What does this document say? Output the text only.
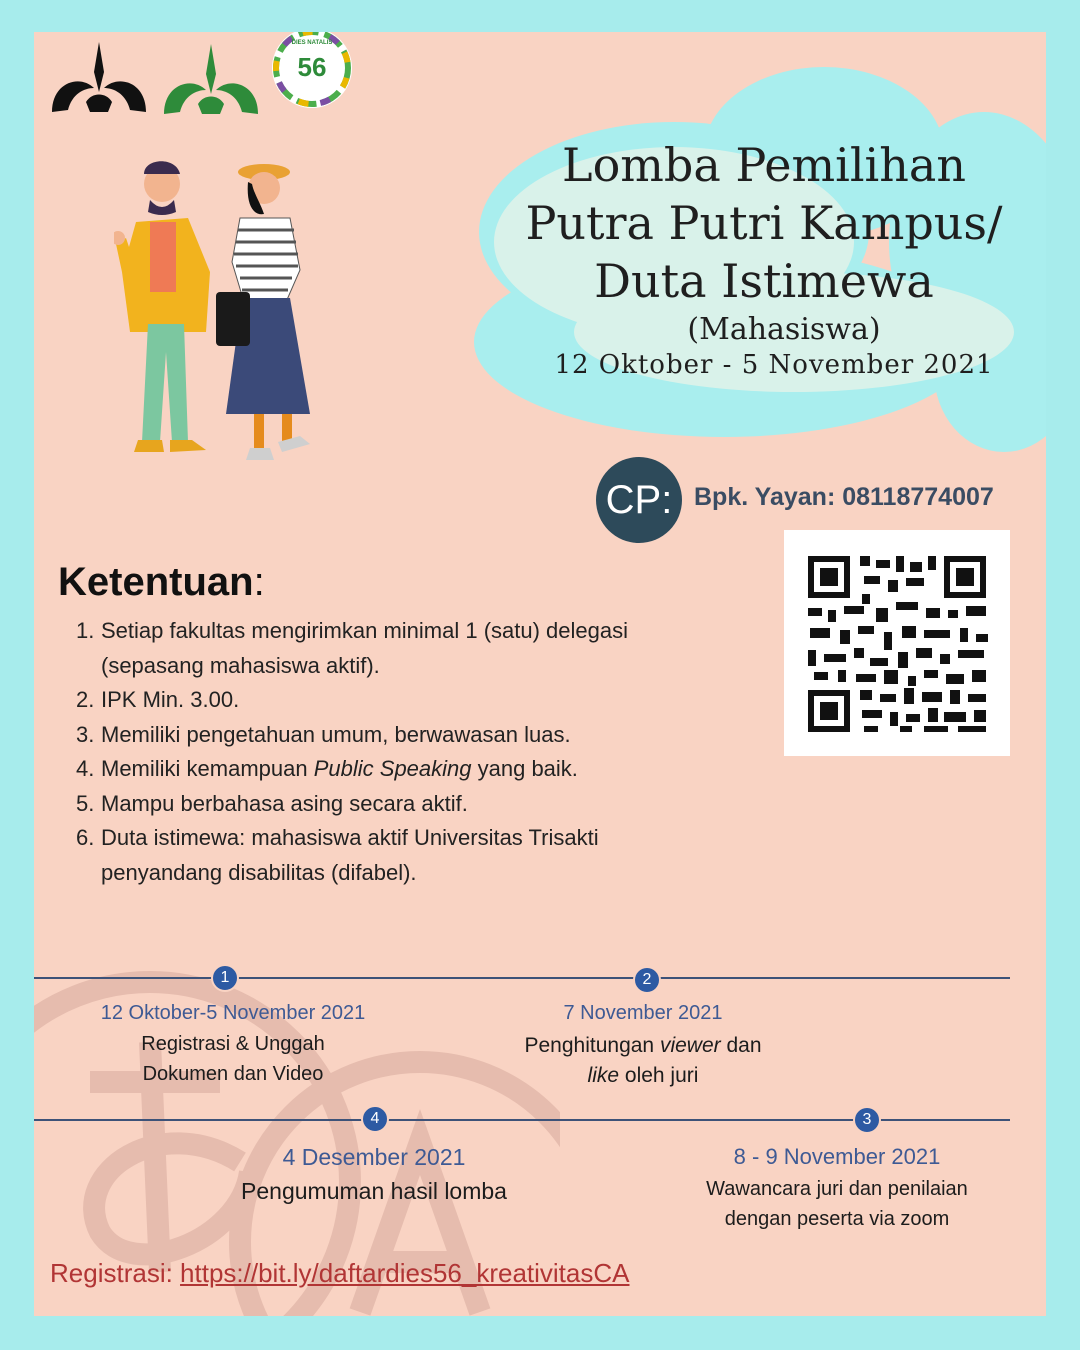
56
DIES NATALIS
Lomba Pemilihan
Putra Putri Kampus/
Duta Istimewa
(Mahasiswa)
12 Oktober - 5 November 2021
CP: Bpk. Yayan: 08118774007
Ketentuan:
1. Setiap fakultas mengirimkan minimal 1 (satu) delegasi (sepasang mahasiswa aktif).
2. IPK Min. 3.00.
3. Memiliki pengetahuan umum, berwawasan luas.
4. Memiliki kemampuan Public Speaking yang baik.
5. Mampu berbahasa asing secara aktif.
6. Duta istimewa: mahasiswa aktif Universitas Trisakti penyandang disabilitas (difabel).
1	2
4	3
12 Oktober-5 November 2021
Registrasi & Unggah
Dokumen dan Video
7 November 2021
Penghitungan viewer dan
like oleh juri
4 Desember 2021
Pengumuman hasil lomba
8 - 9 November 2021
Wawancara juri dan penilaian
dengan peserta via zoom
Registrasi: https://bit.ly/daftardies56_kreativitasCA
